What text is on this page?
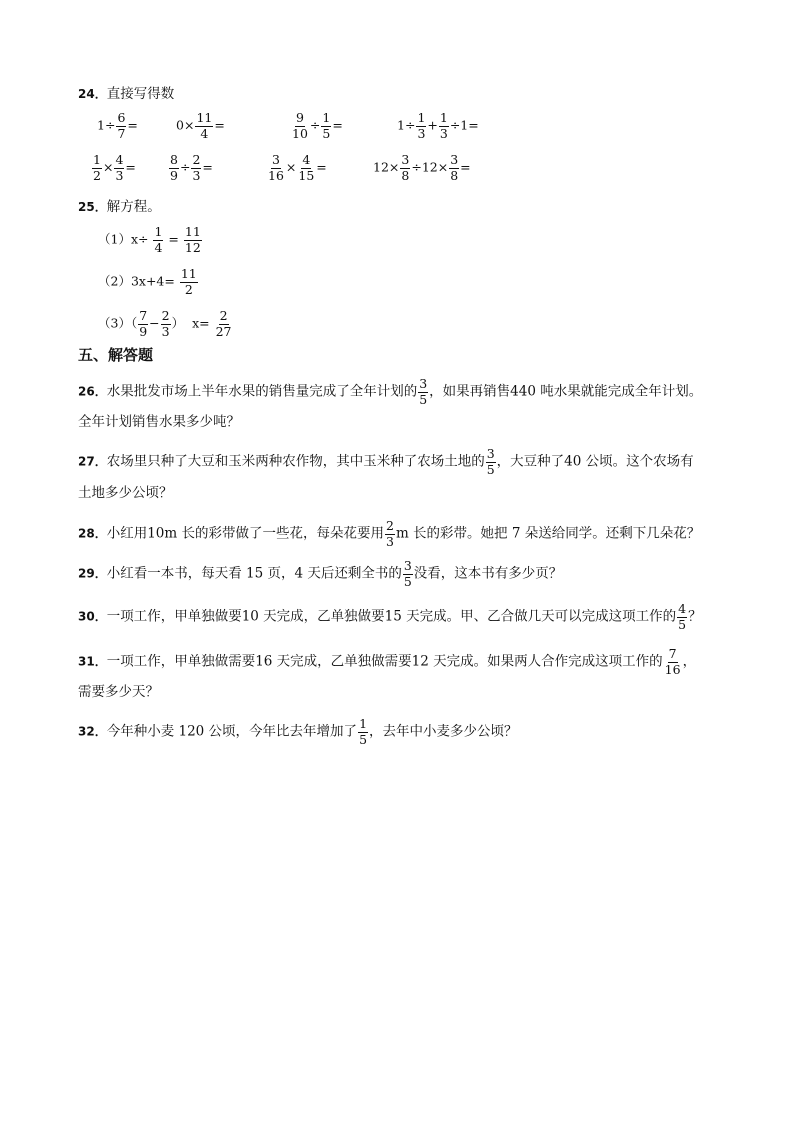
24．直接写得数
$1\div \frac{6}{7}$ =	$0\times \frac{11}{4}$ =	$\frac{9}{10} \div \frac{1}{5}$ =	$1\div \frac{1}{3} + \frac{1}{3} \div 1=$
$\frac{1}{2} \times \frac{4}{3}$ =	$\frac{8}{9} \div \frac{2}{3}$ =	$\frac{3}{16} \times \frac{4}{15}$ =	$12\times \frac{3}{8} \div 12\times \frac{3}{8}$ =
25．解方程。
$(1)x\div \frac{1}{4} = \frac{11}{12}$
$(2)3x+4= \frac{11}{2}$
$(3)( \frac{7}{9} - \frac{2}{3}$ ） $x= \frac{2}{27}$
五、解答题
26．水果批发市场上半年水果的销售量完成了全年计划的 $\frac{3}{5}$ ，如果再销售440 吨水果就能完成全年计划。
全年计划销售水果多少吨？
27．农场里只种了大豆和玉米两种农作物，其中玉米种了农场土地的 $\frac{3}{5}$ ，大豆种了40 公顷。这个农场有
土地多少公顷？
28．小红用10m 长的彩带做了一些花，每朵花要用 $\frac{2}{3}$ m 长的彩带。她把 7 朵送给同学。还剩下几朵花？
29．小红看一本书，每天看 15 页，4 天后还剩全书的 $\frac{3}{5}$ 没看，这本书有多少页？
30．一项工作，甲单独做要10 天完成，乙单独做要15 天完成。甲、乙合做几天可以完成这项工作的 $\frac{4}{5}$ ？
31．一项工作，甲单独做需要16 天完成，乙单独做需要12 天完成。如果两人合作完成这项工作的 $\frac{7}{16}$ ，
需要多少天？
32．今年种小麦 120 公顷，今年比去年增加了 $\frac{1}{5}$ ，去年中小麦多少公顷？
